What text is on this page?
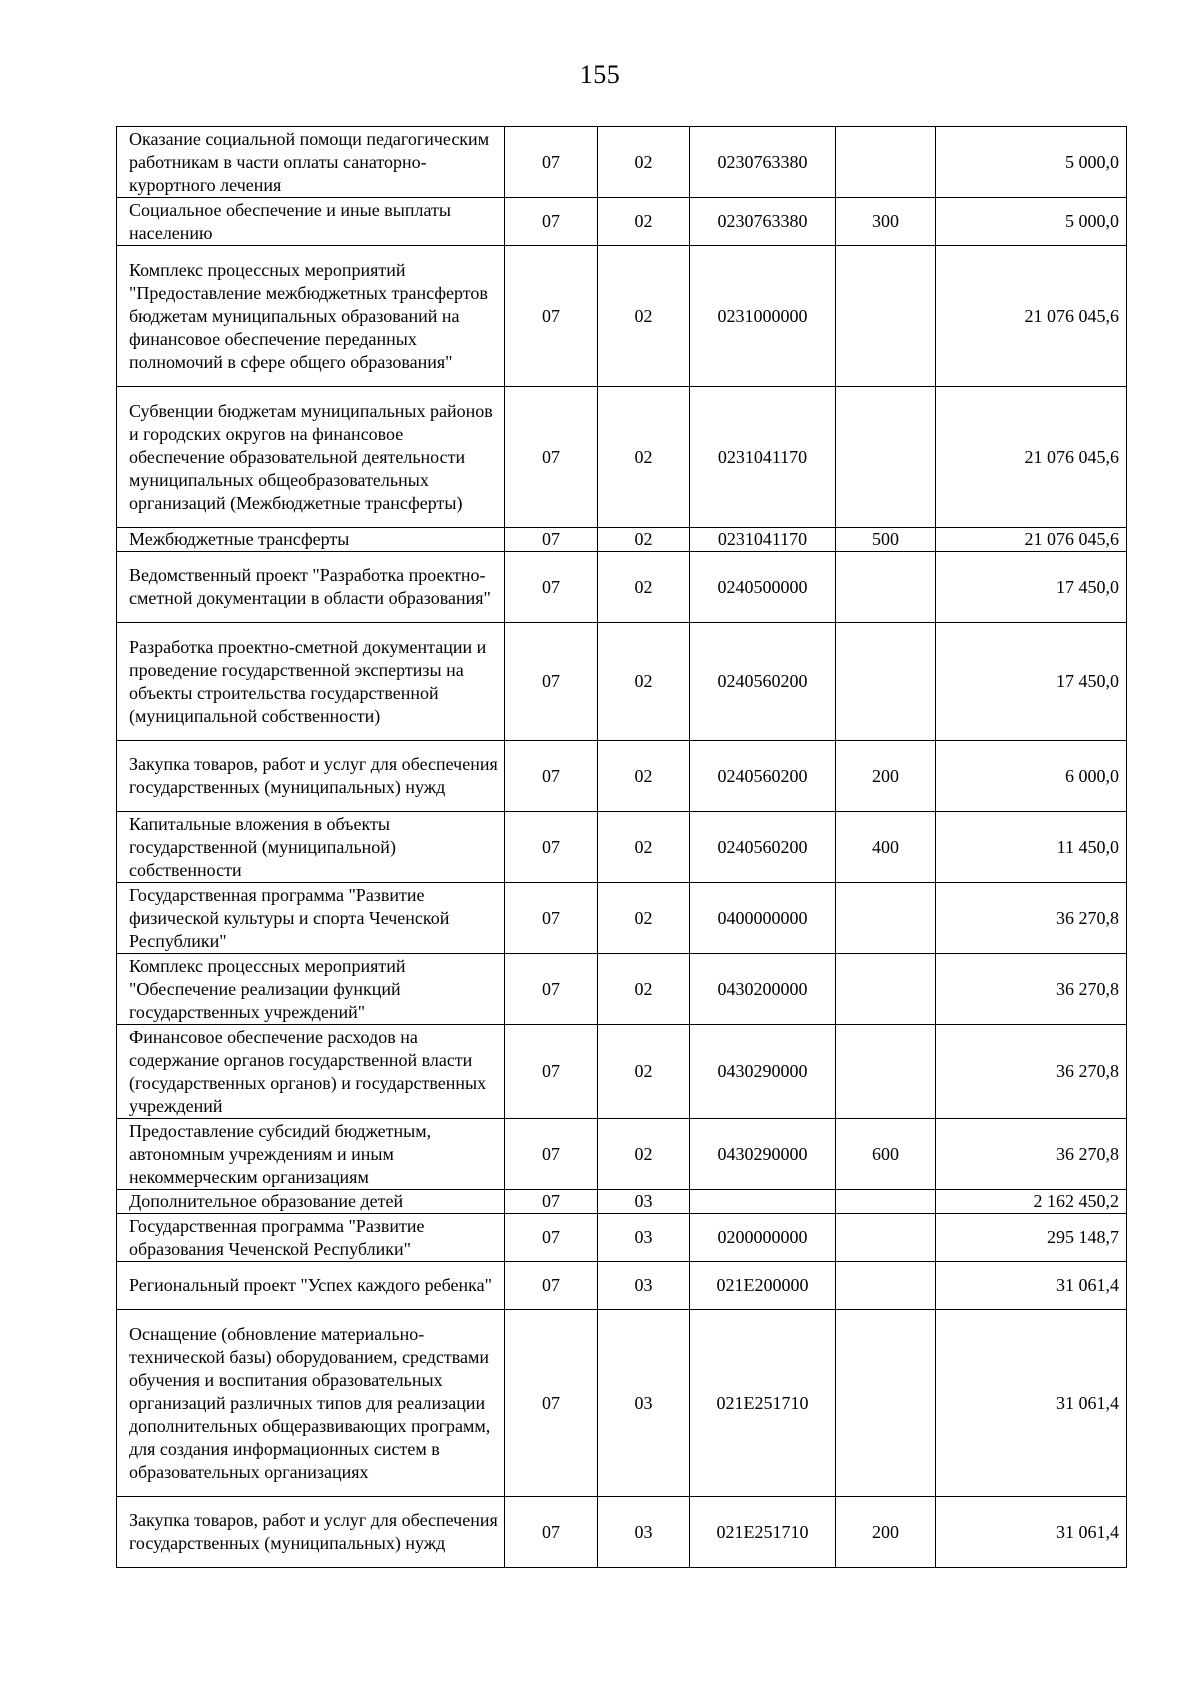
155
Оказание социальной помощи педагогическим работникам в части оплаты санаторно-курортного лечения	07	02	0230763380		5 000,0
Социальное обеспечение и иные выплаты населению	07	02	0230763380	300	5 000,0
Комплекс процессных мероприятий "Предоставление межбюджетных трансфертов бюджетам муниципальных образований на финансовое обеспечение переданных полномочий в сфере общего образования"	07	02	0231000000		21 076 045,6
Субвенции бюджетам муниципальных районов и городских округов на финансовое обеспечение образовательной деятельности муниципальных общеобразовательных организаций (Межбюджетные трансферты)	07	02	0231041170		21 076 045,6
Межбюджетные трансферты	07	02	0231041170	500	21 076 045,6
Ведомственный проект "Разработка проектно-сметной документации в области образования"	07	02	0240500000		17 450,0
Разработка проектно-сметной документации и проведение государственной экспертизы на объекты строительства государственной (муниципальной собственности)	07	02	0240560200		17 450,0
Закупка товаров, работ и услуг для обеспечения государственных (муниципальных) нужд	07	02	0240560200	200	6 000,0
Капитальные вложения в объекты государственной (муниципальной) собственности	07	02	0240560200	400	11 450,0
Государственная программа "Развитие физической культуры и спорта Чеченской Республики"	07	02	0400000000		36 270,8
Комплекс процессных мероприятий "Обеспечение реализации функций государственных учреждений"	07	02	0430200000		36 270,8
Финансовое обеспечение расходов на содержание органов государственной власти (государственных органов) и государственных учреждений	07	02	0430290000		36 270,8
Предоставление субсидий бюджетным, автономным учреждениям и иным некоммерческим организациям	07	02	0430290000	600	36 270,8
Дополнительное образование детей	07	03			2 162 450,2
Государственная программа "Развитие образования Чеченской Республики"	07	03	0200000000		295 148,7
Региональный проект "Успех каждого ребенка"	07	03	021E200000		31 061,4
Оснащение (обновление материально-технической базы) оборудованием, средствами обучения и воспитания образовательных организаций различных типов для реализации дополнительных общеразвивающих программ, для создания информационных систем в образовательных организациях	07	03	021E251710		31 061,4
Закупка товаров, работ и услуг для обеспечения государственных (муниципальных) нужд	07	03	021E251710	200	31 061,4
